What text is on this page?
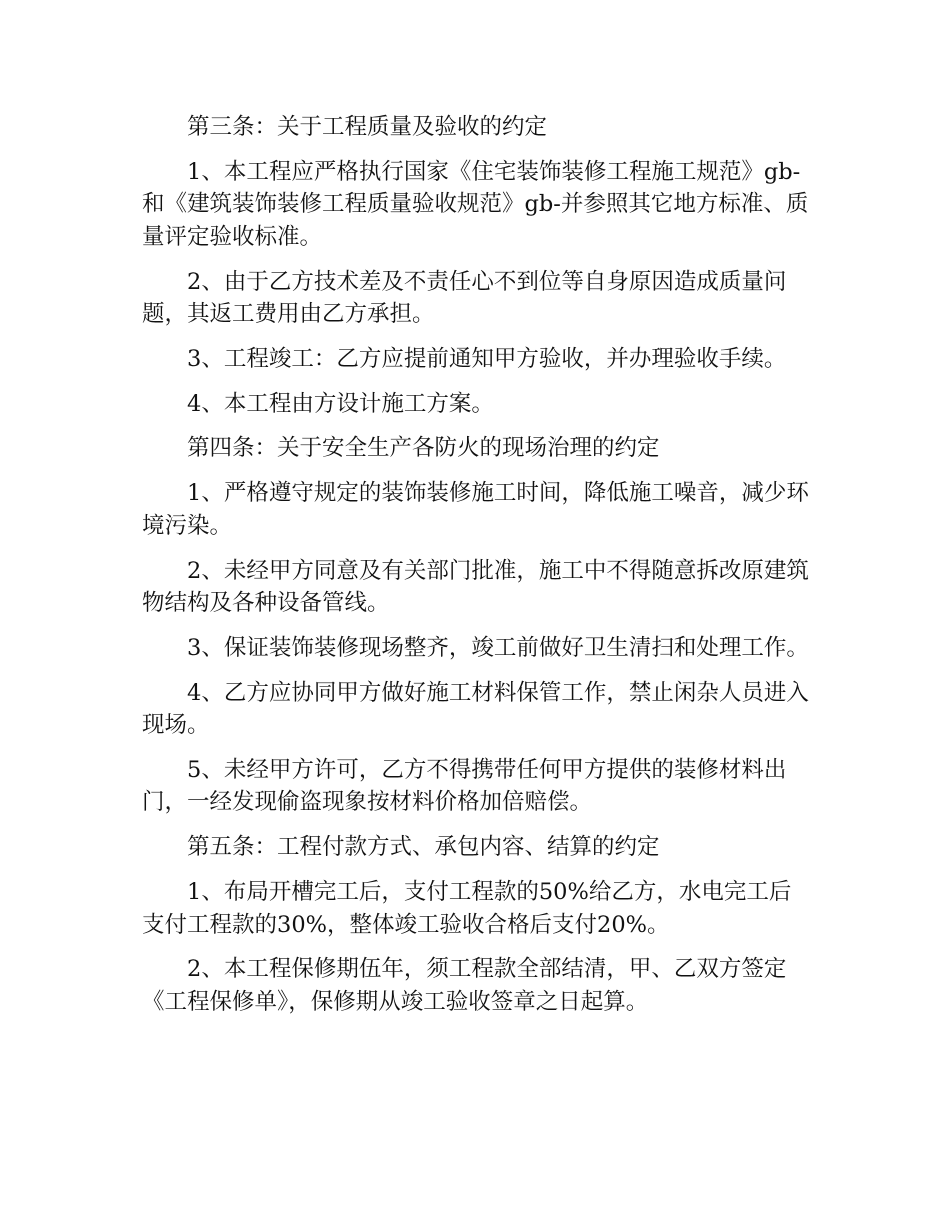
第三条：关于工程质量及验收的约定

1、本工程应严格执行国家《住宅装饰装修工程施工规范》gb-和《建筑装饰装修工程质量验收规范》gb-并参照其它地方标准、质量评定验收标准。

2、由于乙方技术差及不责任心不到位等自身原因造成质量问题，其返工费用由乙方承担。

3、工程竣工：乙方应提前通知甲方验收，并办理验收手续。

4、本工程由方设计施工方案。

第四条：关于安全生产各防火的现场治理的约定

1、严格遵守规定的装饰装修施工时间，降低施工噪音，减少环境污染。

2、未经甲方同意及有关部门批准，施工中不得随意拆改原建筑物结构及各种设备管线。

3、保证装饰装修现场整齐，竣工前做好卫生清扫和处理工作。

4、乙方应协同甲方做好施工材料保管工作，禁止闲杂人员进入现场。

5、未经甲方许可，乙方不得携带任何甲方提供的装修材料出门，一经发现偷盗现象按材料价格加倍赔偿。

第五条：工程付款方式、承包内容、结算的约定

1、布局开槽完工后，支付工程款的50%给乙方，水电完工后支付工程款的30%，整体竣工验收合格后支付20%。

2、本工程保修期伍年，须工程款全部结清，甲、乙双方签定《工程保修单》，保修期从竣工验收签章之日起算。
